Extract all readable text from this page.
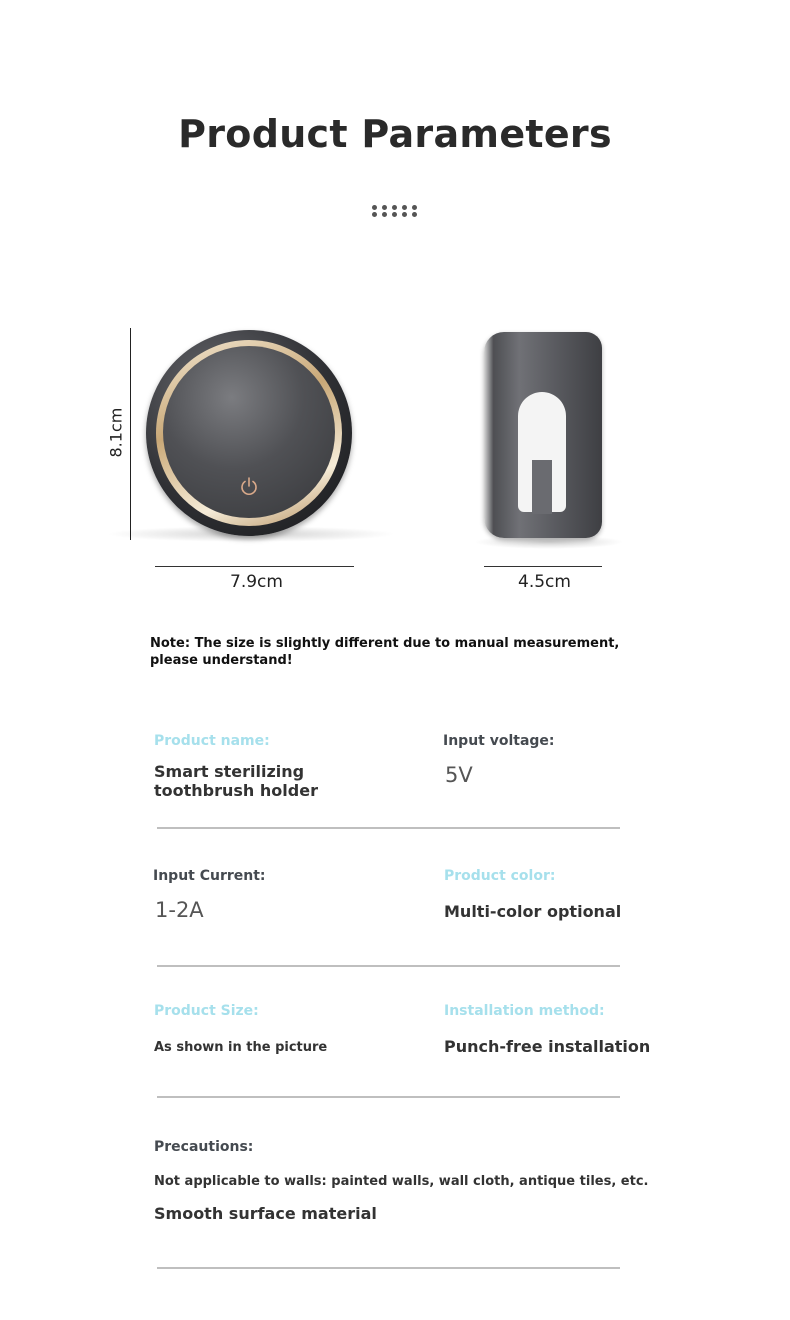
Product Parameters
8.1cm
7.9cm	4.5cm
Note: The size is slightly different due to manual measurement, please understand!
Product name:
Smart sterilizing toothbrush holder
Input voltage:
5V
Input Current:
1-2A
Product color:
Multi-color optional
Product Size:
As shown in the picture
Installation method:
Punch-free installation
Precautions:
Not applicable to walls: painted walls, wall cloth, antique tiles, etc.
Smooth surface material
